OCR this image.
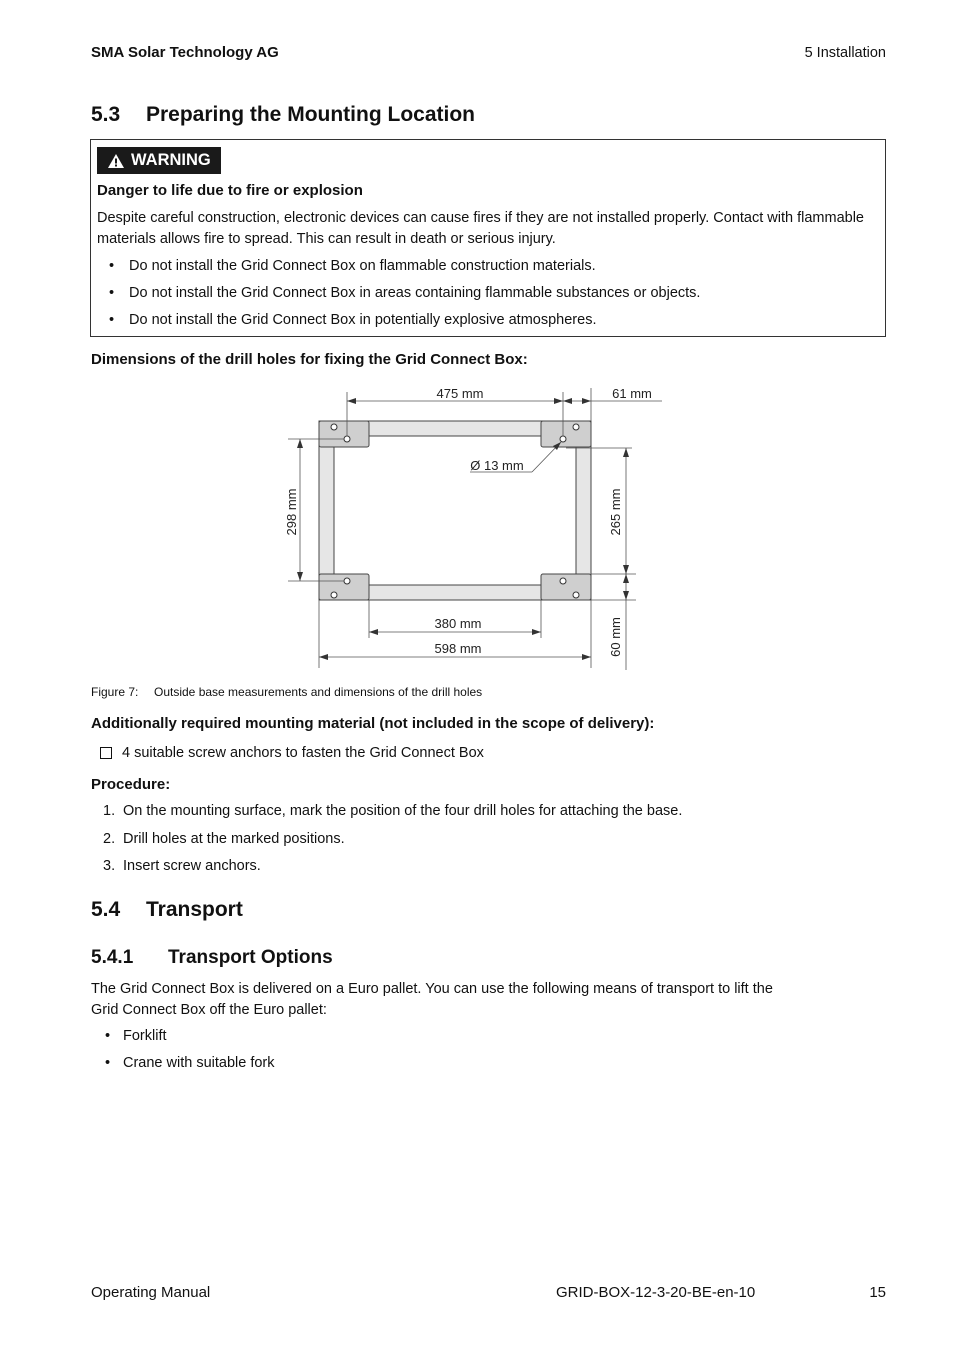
SMA Solar Technology AG	5 Installation
5.3 Preparing the Mounting Location
WARNING
Danger to life due to fire or explosion
Despite careful construction, electronic devices can cause fires if they are not installed properly. Contact with flammable materials allows fire to spread. This can result in death or serious injury.
• Do not install the Grid Connect Box on flammable construction materials.
• Do not install the Grid Connect Box in areas containing flammable substances or objects.
• Do not install the Grid Connect Box in potentially explosive atmospheres.
Dimensions of the drill holes for fixing the Grid Connect Box:
475 mm	61 mm
Ø 13 mm
298 mm	265 mm
60 mm
380 mm
598 mm
Figure 7: Outside base measurements and dimensions of the drill holes
Additionally required mounting material (not included in the scope of delivery):
4 suitable screw anchors to fasten the Grid Connect Box
Procedure:
1. On the mounting surface, mark the position of the four drill holes for attaching the base.
2. Drill holes at the marked positions.
3. Insert screw anchors.
5.4 Transport
5.4.1 Transport Options
The Grid Connect Box is delivered on a Euro pallet. You can use the following means of transport to lift the
Grid Connect Box off the Euro pallet:
• Forklift
• Crane with suitable fork
Operating Manual	GRID-BOX-12-3-20-BE-en-10	15
